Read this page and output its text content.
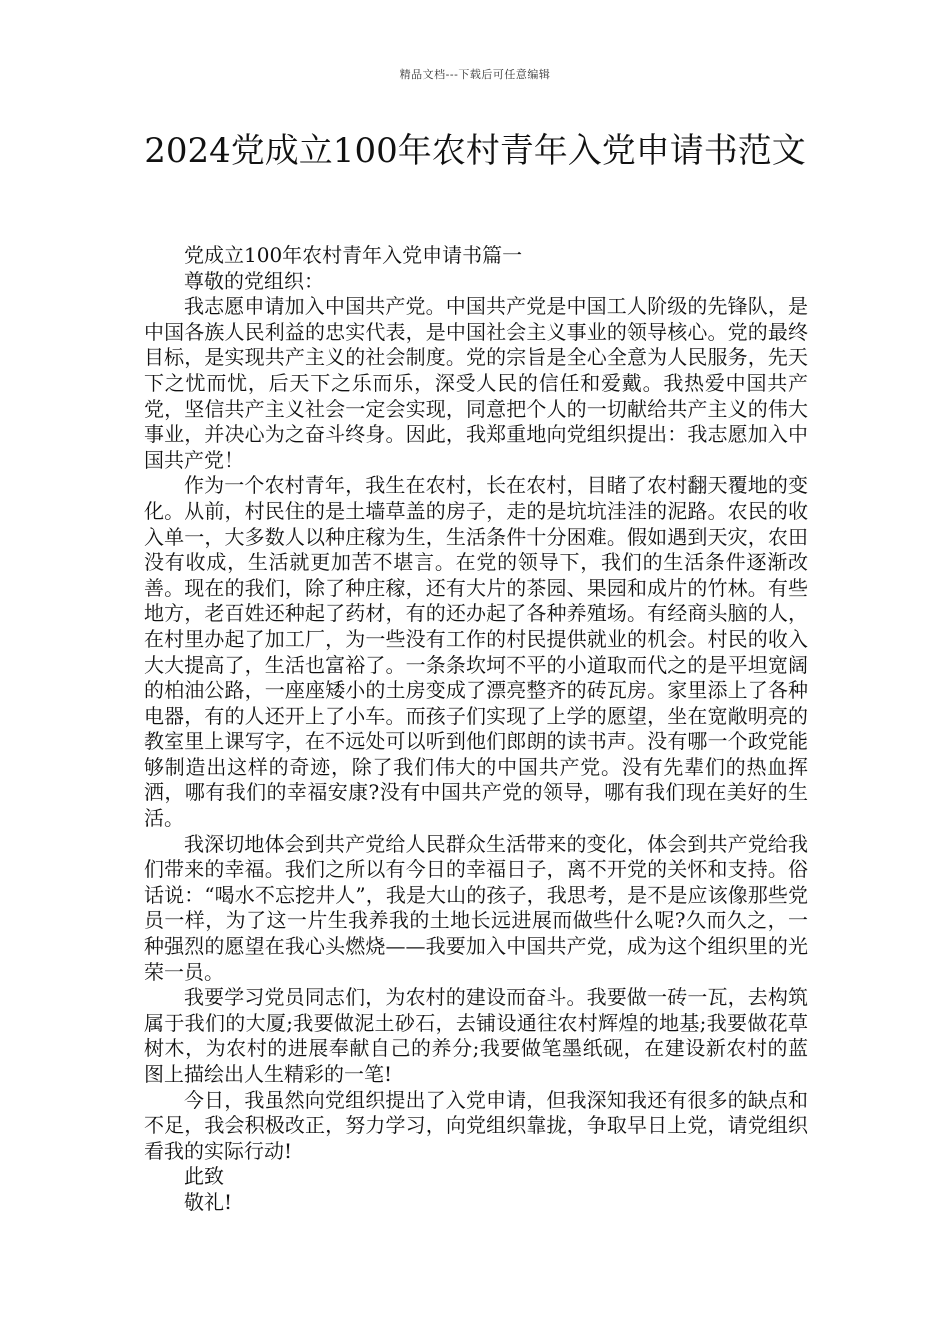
精品文档---下载后可任意编辑
2024党成立100年农村青年入党申请书范文

党成立100年农村青年入党申请书篇一

尊敬的党组织：

我志愿申请加入中国共产党。中国共产党是中国工人阶级的先锋队，是中国各族人民利益的忠实代表，是中国社会主义事业的领导核心。党的最终目标，是实现共产主义的社会制度。党的宗旨是全心全意为人民服务，先天下之忧而忧，后天下之乐而乐，深受人民的信任和爱戴。我热爱中国共产党，坚信共产主义社会一定会实现，同意把个人的一切献给共产主义的伟大事业，并决心为之奋斗终身。因此，我郑重地向党组织提出：我志愿加入中国共产党！

作为一个农村青年，我生在农村，长在农村，目睹了农村翻天覆地的变化。从前，村民住的是土墙草盖的房子，走的是坑坑洼洼的泥路。农民的收入单一，大多数人以种庄稼为生，生活条件十分困难。假如遇到天灾，农田没有收成，生活就更加苦不堪言。在党的领导下，我们的生活条件逐渐改善。现在的我们，除了种庄稼，还有大片的茶园、果园和成片的竹林。有些地方，老百姓还种起了药材，有的还办起了各种养殖场。有经商头脑的人，在村里办起了加工厂，为一些没有工作的村民提供就业的机会。村民的收入大大提高了，生活也富裕了。一条条坎坷不平的小道取而代之的是平坦宽阔的柏油公路，一座座矮小的土房变成了漂亮整齐的砖瓦房。家里添上了各种电器，有的人还开上了小车。而孩子们实现了上学的愿望，坐在宽敞明亮的教室里上课写字，在不远处可以听到他们郎朗的读书声。没有哪一个政党能够制造出这样的奇迹，除了我们伟大的中国共产党。没有先辈们的热血挥洒，哪有我们的幸福安康?没有中国共产党的领导，哪有我们现在美好的生活。

我深切地体会到共产党给人民群众生活带来的变化，体会到共产党给我们带来的幸福。我们之所以有今日的幸福日子，离不开党的关怀和支持。俗话说：“喝水不忘挖井人”，我是大山的孩子，我思考，是不是应该像那些党员一样，为了这一片生我养我的土地长远进展而做些什么呢?久而久之，一种强烈的愿望在我心头燃烧——我要加入中国共产党，成为这个组织里的光荣一员。

我要学习党员同志们，为农村的建设而奋斗。我要做一砖一瓦，去构筑属于我们的大厦;我要做泥土砂石，去铺设通往农村辉煌的地基;我要做花草树木，为农村的进展奉献自己的养分;我要做笔墨纸砚，在建设新农村的蓝图上描绘出人生精彩的一笔!

今日，我虽然向党组织提出了入党申请，但我深知我还有很多的缺点和不足，我会积极改正，努力学习，向党组织靠拢，争取早日上党，请党组织看我的实际行动!

此致

敬礼!
